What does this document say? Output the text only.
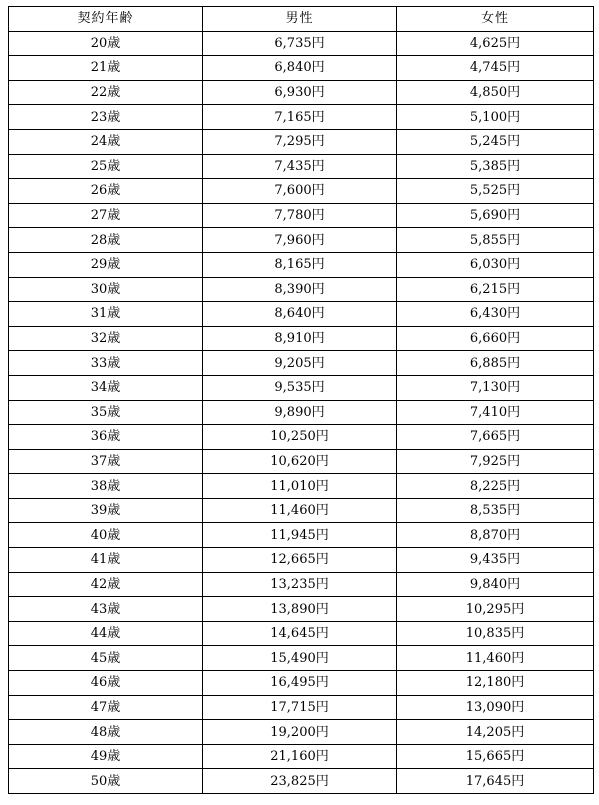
契約年齢	男性	女性
20歳	6,735円	4,625円
21歳	6,840円	4,745円
22歳	6,930円	4,850円
23歳	7,165円	5,100円
24歳	7,295円	5,245円
25歳	7,435円	5,385円
26歳	7,600円	5,525円
27歳	7,780円	5,690円
28歳	7,960円	5,855円
29歳	8,165円	6,030円
30歳	8,390円	6,215円
31歳	8,640円	6,430円
32歳	8,910円	6,660円
33歳	9,205円	6,885円
34歳	9,535円	7,130円
35歳	9,890円	7,410円
36歳	10,250円	7,665円
37歳	10,620円	7,925円
38歳	11,010円	8,225円
39歳	11,460円	8,535円
40歳	11,945円	8,870円
41歳	12,665円	9,435円
42歳	13,235円	9,840円
43歳	13,890円	10,295円
44歳	14,645円	10,835円
45歳	15,490円	11,460円
46歳	16,495円	12,180円
47歳	17,715円	13,090円
48歳	19,200円	14,205円
49歳	21,160円	15,665円
50歳	23,825円	17,645円
